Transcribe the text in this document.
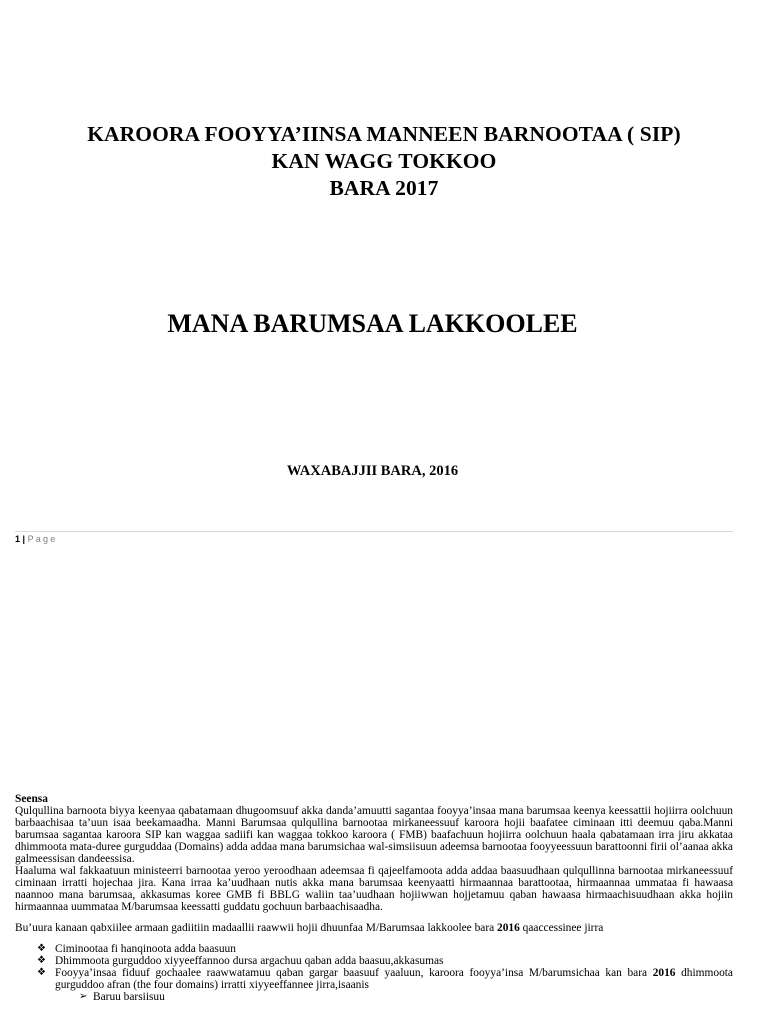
KAROORA FOOYYA’IINSA MANNEEN BARNOOTAA ( SIP)
KAN WAGG TOKKOO
BARA 2017
MANA BARUMSAA LAKKOOLEE
WAXABAJJII BARA, 2016
1 | Page

Seensa

Qulqullina barnoota biyya keenyaa qabatamaan dhugoomsuuf akka danda’amuutti sagantaa fooyya’insaa mana barumsaa keenya keessattii hojiirra oolchuun barbaachisaa ta’uun isaa beekamaadha. Manni Barumsaa qulqullina barnootaa mirkaneessuuf karoora hojii baafatee ciminaan itti deemuu qaba.Manni barumsaa sagantaa karoora SIP kan waggaa sadiifi kan waggaa tokkoo karoora ( FMB) baafachuun hojiirra oolchuun haala qabatamaan irra jiru akkataa dhimmoota mata-duree gurguddaa (Domains) adda addaa mana barumsichaa wal-simsiisuun adeemsa barnootaa fooyyeessuun barattoonni firii ol’aanaa akka galmeessisan dandeessisa.

Haaluma wal fakkaatuun ministeerri barnootaa yeroo yeroodhaan adeemsaa fi qajeelfamoota adda addaa baasuudhaan qulqullinna barnootaa mirkaneessuuf ciminaan irratti hojechaa jira. Kana irraa ka’uudhaan nutis akka mana barumsaa keenyaatti hirmaannaa barattootaa, hirmaannaa ummataa fi hawaasa naannoo mana barumsaa, akkasumas koree GMB fi BBLG waliin taa’uudhaan hojiiwwan hojjetamuu qaban hawaasa hirmaachisuudhaan akka hojiin hirmaannaa uummataa M/barumsaa keessatti guddatu gochuun barbaachisaadha.

Bu’uura kanaan qabxiilee armaan gadiitiin madaallii raawwii hojii dhuunfaa M/Barumsaa lakkoolee bara 2016 qaaccessinee jirra

❖ Ciminootaa fi hanqinoota adda baasuun
❖ Dhimmoota gurguddoo xiyyeeffannoo dursa argachuu qaban adda baasuu,akkasumas
❖ Fooyya’insaa fiduuf gochaalee raawwatamuu qaban gargar baasuuf yaaluun, karoora fooyya’insa M/barumsichaa kan bara 2016 dhimmoota gurguddoo afran (the four domains) irratti xiyyeeffannee jirra,isaanis
➢ Baruu barsiisuu
